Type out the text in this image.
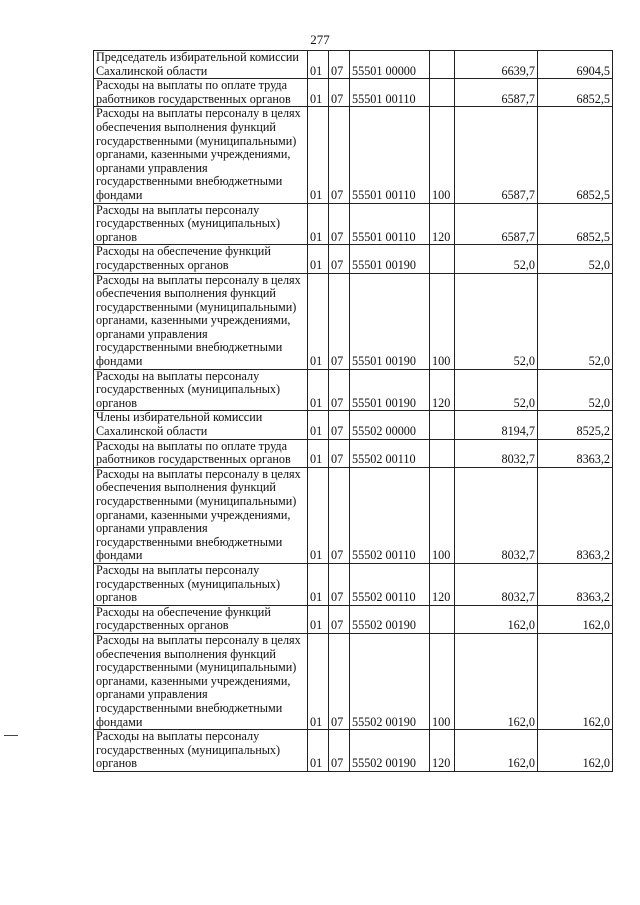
277
Председатель избирательной комиссии Сахалинской области	01	07	55501 00000		6639,7	6904,5
Расходы на выплаты по оплате труда работников государственных органов	01	07	55501 00110		6587,7	6852,5
Расходы на выплаты персоналу в целях обеспечения выполнения функций государственными (муниципальными) органами, казенными учреждениями, органами управления государственными внебюджетными фондами	01	07	55501 00110	100	6587,7	6852,5
Расходы на выплаты персоналу государственных (муниципальных) органов	01	07	55501 00110	120	6587,7	6852,5
Расходы на обеспечение функций государственных органов	01	07	55501 00190		52,0	52,0
Расходы на выплаты персоналу в целях обеспечения выполнения функций государственными (муниципальными) органами, казенными учреждениями, органами управления государственными внебюджетными фондами	01	07	55501 00190	100	52,0	52,0
Расходы на выплаты персоналу государственных (муниципальных) органов	01	07	55501 00190	120	52,0	52,0
Члены избирательной комиссии Сахалинской области	01	07	55502 00000		8194,7	8525,2
Расходы на выплаты по оплате труда работников государственных органов	01	07	55502 00110		8032,7	8363,2
Расходы на выплаты персоналу в целях обеспечения выполнения функций государственными (муниципальными) органами, казенными учреждениями, органами управления государственными внебюджетными фондами	01	07	55502 00110	100	8032,7	8363,2
Расходы на выплаты персоналу государственных (муниципальных) органов	01	07	55502 00110	120	8032,7	8363,2
Расходы на обеспечение функций государственных органов	01	07	55502 00190		162,0	162,0
Расходы на выплаты персоналу в целях обеспечения выполнения функций государственными (муниципальными) органами, казенными учреждениями, органами управления государственными внебюджетными фондами	01	07	55502 00190	100	162,0	162,0
Расходы на выплаты персоналу государственных (муниципальных) органов	01	07	55502 00190	120	162,0	162,0
